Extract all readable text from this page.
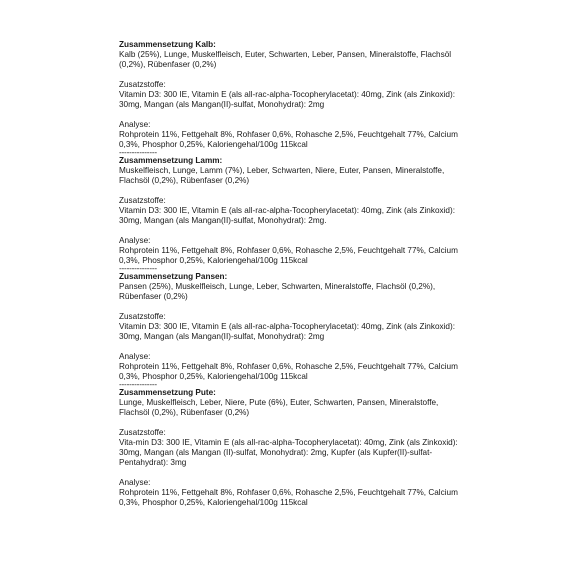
Zusammensetzung Kalb:

Kalb (25%), Lunge, Muskelfleisch, Euter, Schwarten, Leber, Pansen, Mineralstoffe, Flachsöl (0,2%), Rübenfaser (0,2%)

Zusatzstoffe:

Vitamin D3: 300 IE, Vitamin E (als all-rac-alpha-Tocopherylacetat): 40mg, Zink (als Zinkoxid): 30mg, Mangan (als Mangan(II)-sulfat, Monohydrat): 2mg

Analyse:

Rohprotein 11%, Fettgehalt 8%, Rohfaser 0,6%, Rohasche 2,5%, Feuchtgehalt 77%, Calcium 0,3%, Phosphor 0,25%, Kaloriengehal/100g 115kcal

---------------

Zusammensetzung Lamm:

Muskelfleisch, Lunge, Lamm (7%), Leber, Schwarten, Niere, Euter, Pansen, Mineralstoffe, Flachsöl (0,2%), Rübenfaser (0,2%)

Zusatzstoffe:

Vitamin D3: 300 IE, Vitamin E (als all-rac-alpha-Tocopherylacetat): 40mg, Zink (als Zinkoxid): 30mg, Mangan (als Mangan(II)-sulfat, Monohydrat): 2mg.

Analyse:

Rohprotein 11%, Fettgehalt 8%, Rohfaser 0,6%, Rohasche 2,5%, Feuchtgehalt 77%, Calcium 0,3%, Phosphor 0,25%, Kaloriengehal/100g 115kcal

---------------

Zusammensetzung Pansen:

Pansen (25%), Muskelfleisch, Lunge, Leber, Schwarten, Mineralstoffe, Flachsöl (0,2%), Rübenfaser (0,2%)

Zusatzstoffe:

Vitamin D3: 300 IE, Vitamin E (als all-rac-alpha-Tocopherylacetat): 40mg, Zink (als Zinkoxid): 30mg, Mangan (als Mangan(II)-sulfat, Monohydrat): 2mg

Analyse:

Rohprotein 11%, Fettgehalt 8%, Rohfaser 0,6%, Rohasche 2,5%, Feuchtgehalt 77%, Calcium 0,3%, Phosphor 0,25%, Kaloriengehal/100g 115kcal

---------------

Zusammensetzung Pute:

Lunge, Muskelfleisch, Leber, Niere, Pute (6%), Euter, Schwarten, Pansen, Mineralstoffe, Flachsöl (0,2%), Rübenfaser (0,2%)

Zusatzstoffe:

Vita-min D3: 300 IE, Vitamin E (als all-rac-alpha-Tocopherylacetat): 40mg, Zink (als Zinkoxid): 30mg, Mangan (als Mangan (II)-sulfat, Monohydrat): 2mg, Kupfer (als Kupfer(II)-sulfat-Pentahydrat): 3mg

Analyse:

Rohprotein 11%, Fettgehalt 8%, Rohfaser 0,6%, Rohasche 2,5%, Feuchtgehalt 77%, Calcium 0,3%, Phosphor 0,25%, Kaloriengehal/100g 115kcal
